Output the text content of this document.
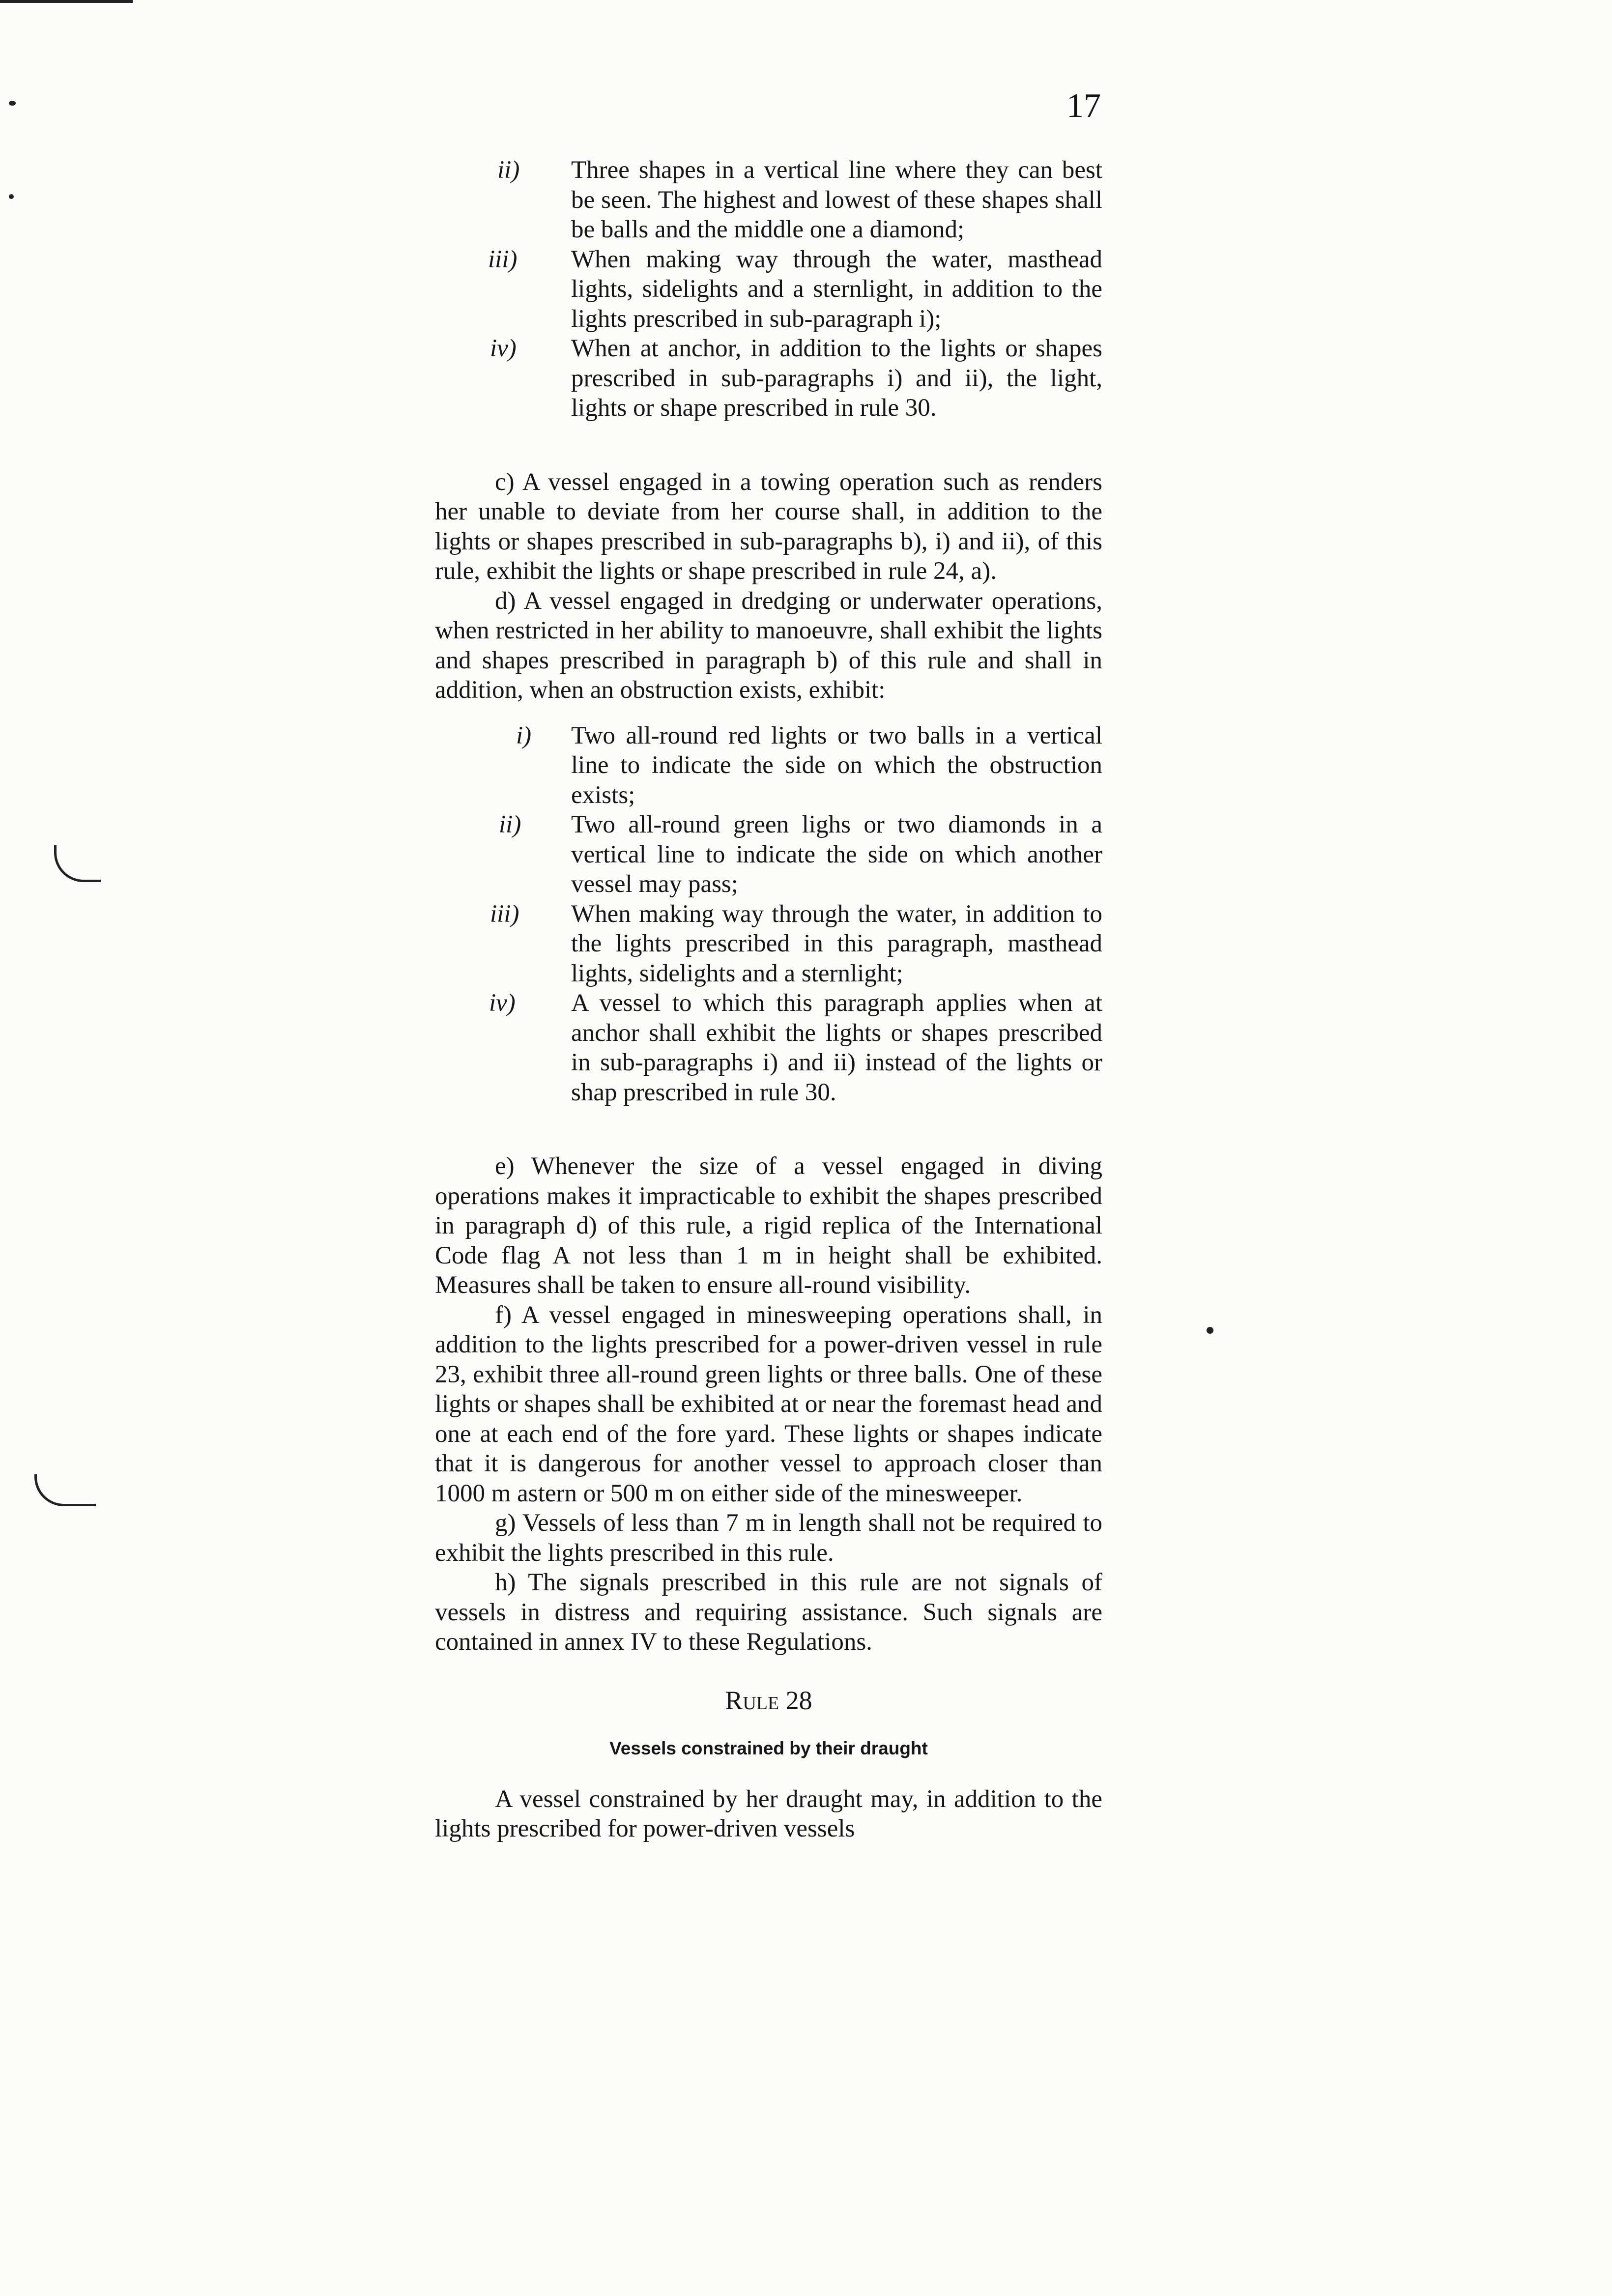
17
ii) Three shapes in a vertical line where they can best be seen. The highest and lowest of these shapes shall be balls and the middle one a diamond;
iii) When making way through the water, masthead lights, sidelights and a sternlight, in addition to the lights prescribed in sub-paragraph i);
iv) When at anchor, in addition to the lights or shapes prescribed in sub-paragraphs i) and ii), the light, lights or shape prescribed in rule 30.

c) A vessel engaged in a towing operation such as renders her unable to deviate from her course shall, in addition to the lights or shapes prescribed in sub-paragraphs b), i) and ii), of this rule, exhibit the lights or shape prescribed in rule 24, a).

d) A vessel engaged in dredging or underwater operations, when restricted in her ability to manoeuvre, shall exhibit the lights and shapes prescribed in paragraph b) of this rule and shall in addition, when an obstruction exists, exhibit:

i) Two all-round red lights or two balls in a vertical line to indicate the side on which the obstruction exists;
ii) Two all-round green lighs or two diamonds in a vertical line to indicate the side on which another vessel may pass;
iii) When making way through the water, in addition to the lights prescribed in this paragraph, masthead lights, sidelights and a sternlight;
iv) A vessel to which this paragraph applies when at anchor shall exhibit the lights or shapes prescribed in sub-paragraphs i) and ii) instead of the lights or shap prescribed in rule 30.

e) Whenever the size of a vessel engaged in diving operations makes it impracticable to exhibit the shapes prescribed in paragraph d) of this rule, a rigid replica of the International Code flag A not less than 1 m in height shall be exhibited. Measures shall be taken to ensure all-round visibility.

f) A vessel engaged in minesweeping operations shall, in addition to the lights prescribed for a power-driven vessel in rule 23, exhibit three all-round green lights or three balls. One of these lights or shapes shall be exhibited at or near the foremast head and one at each end of the fore yard. These lights or shapes indicate that it is dangerous for another vessel to approach closer than 1000 m astern or 500 m on either side of the minesweeper.

g) Vessels of less than 7 m in length shall not be required to exhibit the lights prescribed in this rule.

h) The signals prescribed in this rule are not signals of vessels in distress and requiring assistance. Such signals are contained in annex IV to these Regulations.

Rule 28
Vessels constrained by their draught

A vessel constrained by her draught may, in addition to the lights prescribed for power-driven vessels
